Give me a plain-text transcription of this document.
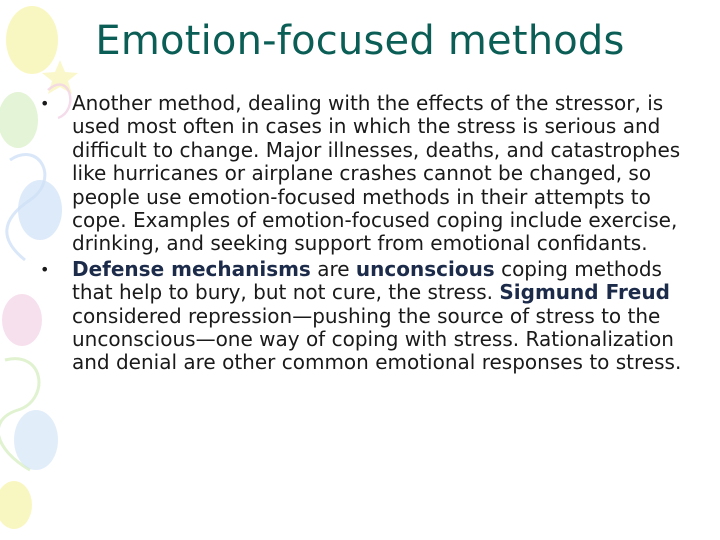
Emotion-focused methods
• Another method, dealing with the effects of the stressor, is used most often in cases in which the stress is serious and difficult to change. Major illnesses, deaths, and catastrophes like hurricanes or airplane crashes cannot be changed, so people use emotion-focused methods in their attempts to cope. Examples of emotion-focused coping include exercise, drinking, and seeking support from emotional confidants.
• Defense mechanisms are unconscious coping methods that help to bury, but not cure, the stress. Sigmund Freud considered repression—pushing the source of stress to the unconscious—one way of coping with stress. Rationalization and denial are other common emotional responses to stress.
